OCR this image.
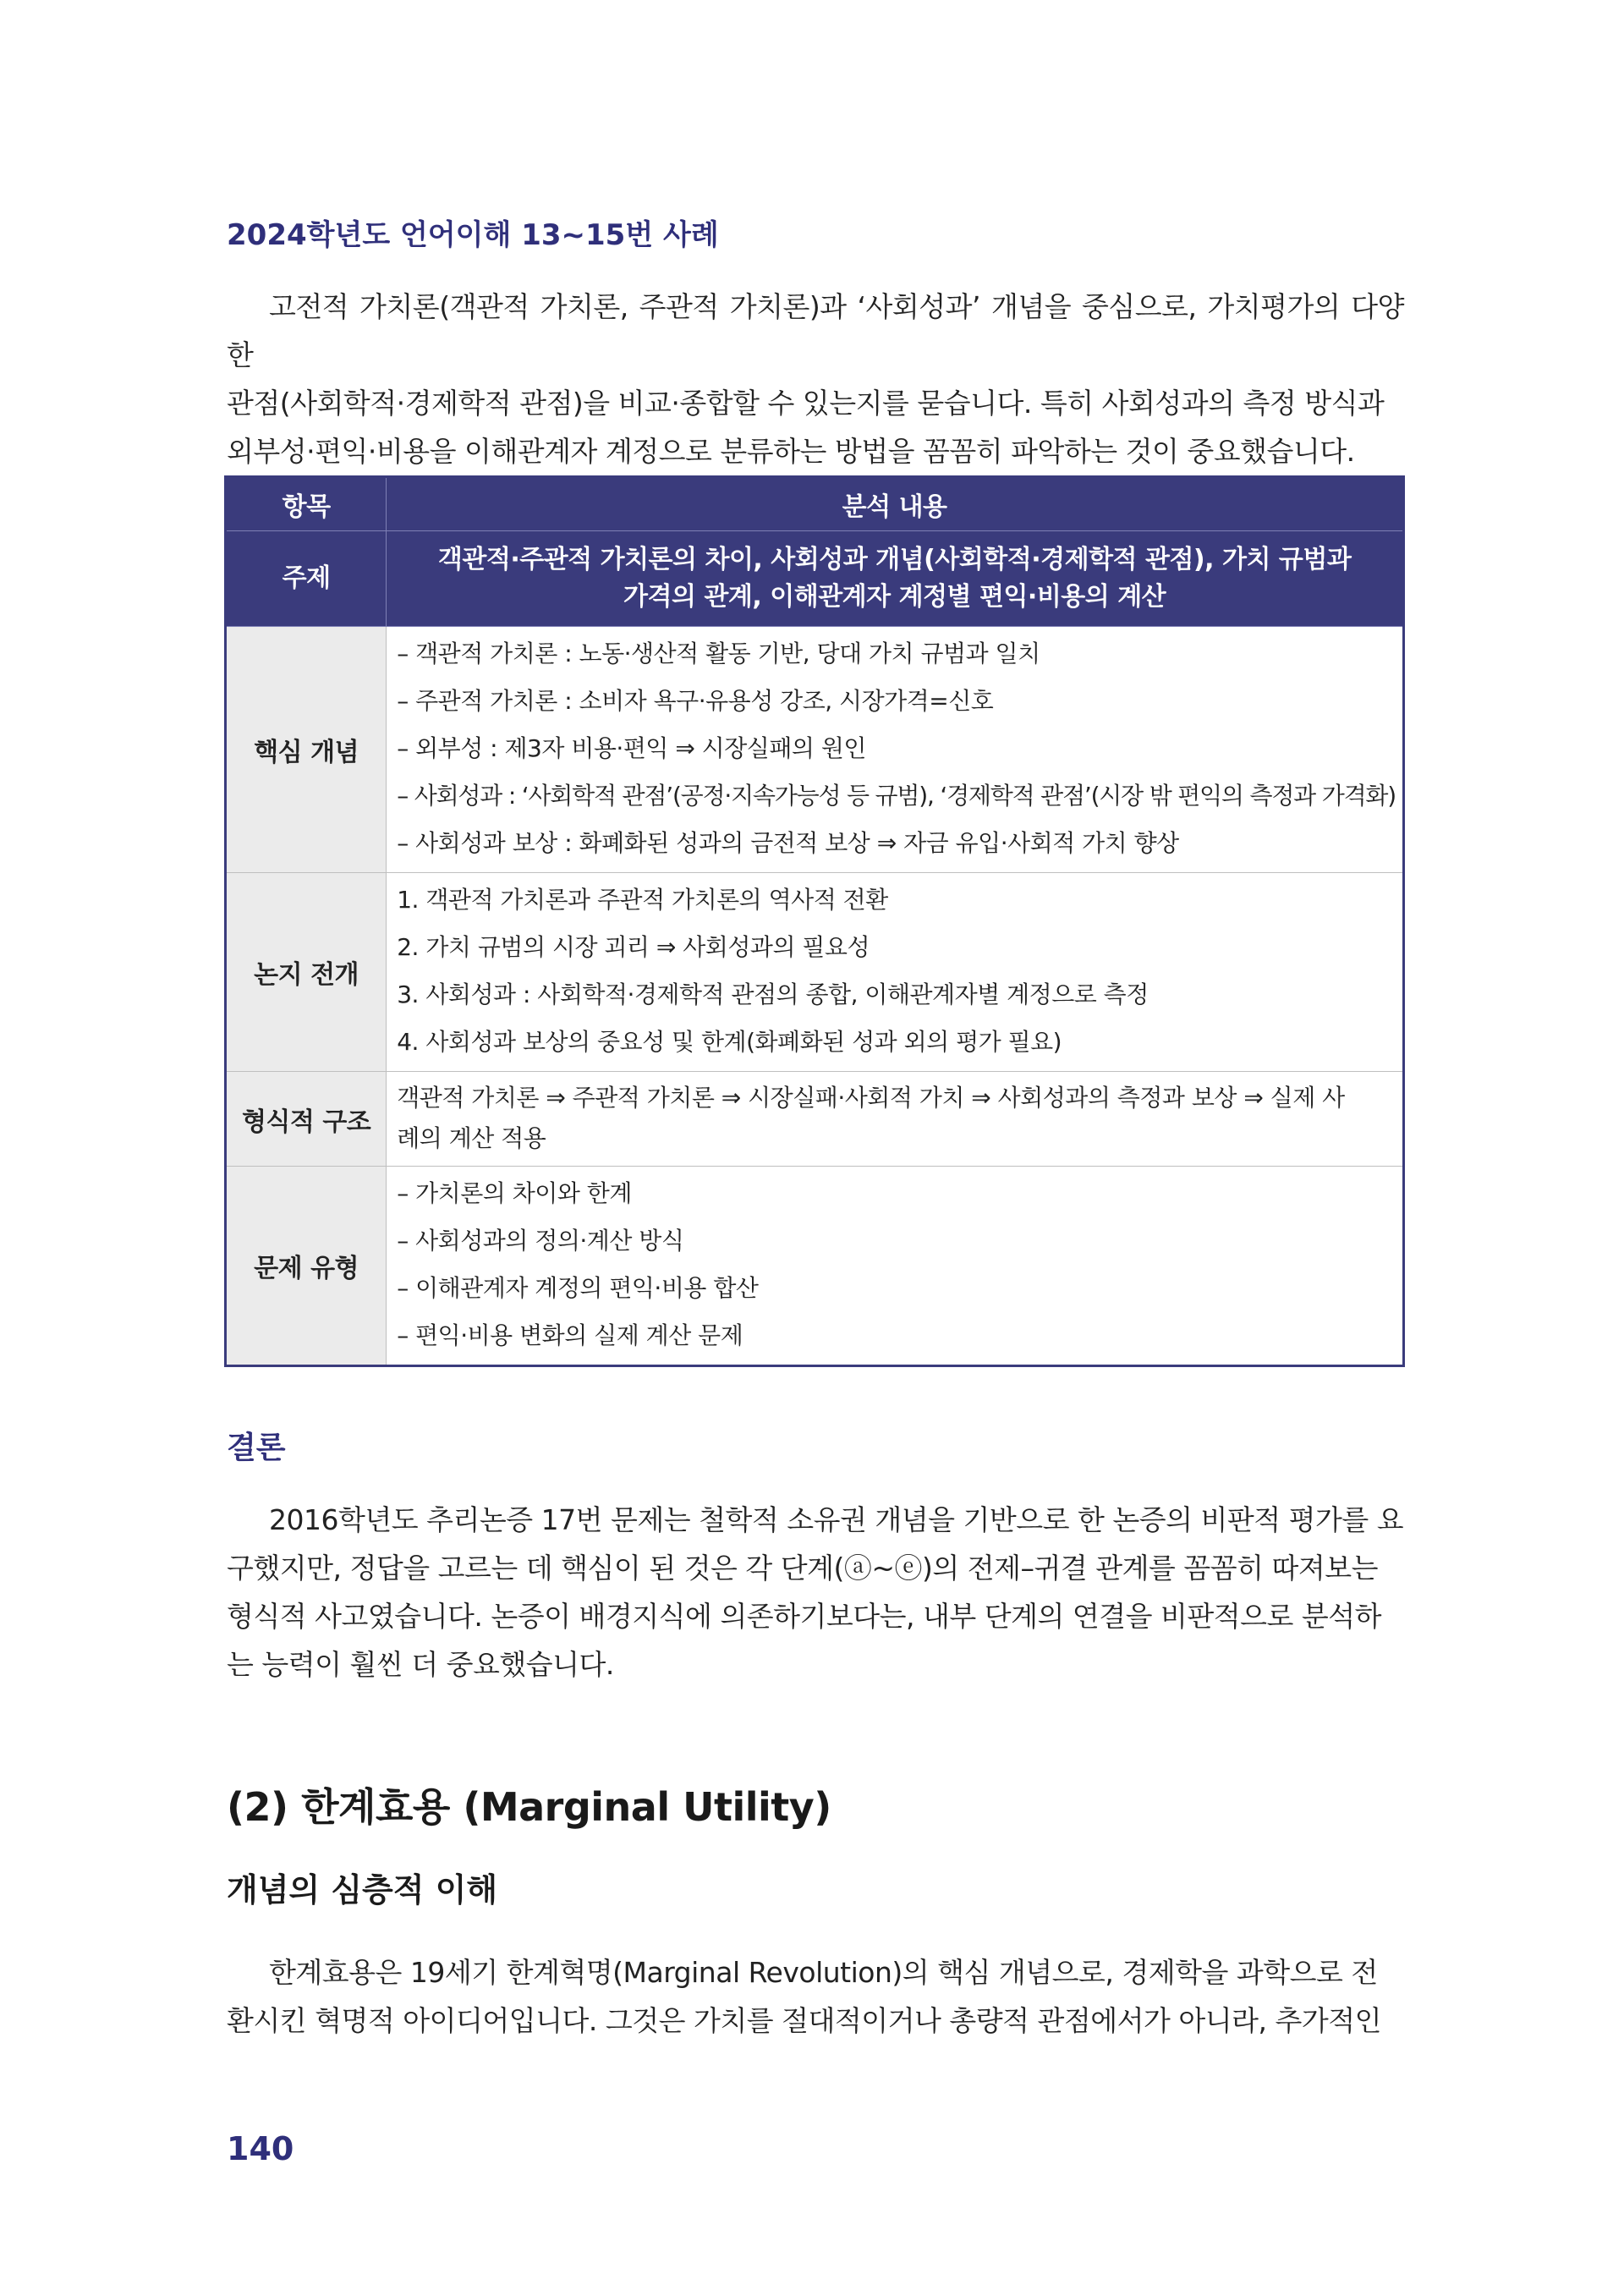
2024학년도 언어이해 13~15번 사례
고전적 가치론(객관적 가치론, 주관적 가치론)과 ‘사회성과’ 개념을 중심으로, 가치평가의 다양한
관점(사회학적·경제학적 관점)을 비교·종합할 수 있는지를 묻습니다. 특히 사회성과의 측정 방식과
외부성·편익·비용을 이해관계자 계정으로 분류하는 방법을 꼼꼼히 파악하는 것이 중요했습니다.
항목	분석 내용
주제	객관적·주관적 가치론의 차이, 사회성과 개념(사회학적·경제학적 관점), 가치 규범과
가격의 관계, 이해관계자 계정별 편익·비용의 계산

핵심 개념	– 객관적 가치론 : 노동·생산적 활동 기반, 당대 가치 규범과 일치
– 주관적 가치론 : 소비자 욕구·유용성 강조, 시장가격=신호
– 외부성 : 제3자 비용·편익 ⇒ 시장실패의 원인
– 사회성과 : ‘사회학적 관점’(공정·지속가능성 등 규범), ‘경제학적 관점’(시장 밖 편익의 측정과 가격화)
– 사회성과 보상 : 화폐화된 성과의 금전적 보상 ⇒ 자금 유입·사회적 가치 향상

논지 전개	1. 객관적 가치론과 주관적 가치론의 역사적 전환
2. 가치 규범의 시장 괴리 ⇒ 사회성과의 필요성
3. 사회성과 : 사회학적·경제학적 관점의 종합, 이해관계자별 계정으로 측정
4. 사회성과 보상의 중요성 및 한계(화폐화된 성과 외의 평가 필요)

형식적 구조	객관적 가치론 ⇒ 주관적 가치론 ⇒ 시장실패·사회적 가치 ⇒ 사회성과의 측정과 보상 ⇒ 실제 사
례의 계산 적용

문제 유형	– 가치론의 차이와 한계
– 사회성과의 정의·계산 방식
– 이해관계자 계정의 편익·비용 합산
– 편익·비용 변화의 실제 계산 문제
결론
2016학년도 추리논증 17번 문제는 철학적 소유권 개념을 기반으로 한 논증의 비판적 평가를 요
구했지만, 정답을 고르는 데 핵심이 된 것은 각 단계(ⓐ~ⓔ)의 전제–귀결 관계를 꼼꼼히 따져보는
형식적 사고였습니다. 논증이 배경지식에 의존하기보다는, 내부 단계의 연결을 비판적으로 분석하
는 능력이 훨씬 더 중요했습니다.
(2) 한계효용 (Marginal Utility)
개념의 심층적 이해
한계효용은 19세기 한계혁명(Marginal Revolution)의 핵심 개념으로, 경제학을 과학으로 전
환시킨 혁명적 아이디어입니다. 그것은 가치를 절대적이거나 총량적 관점에서가 아니라, 추가적인
140
